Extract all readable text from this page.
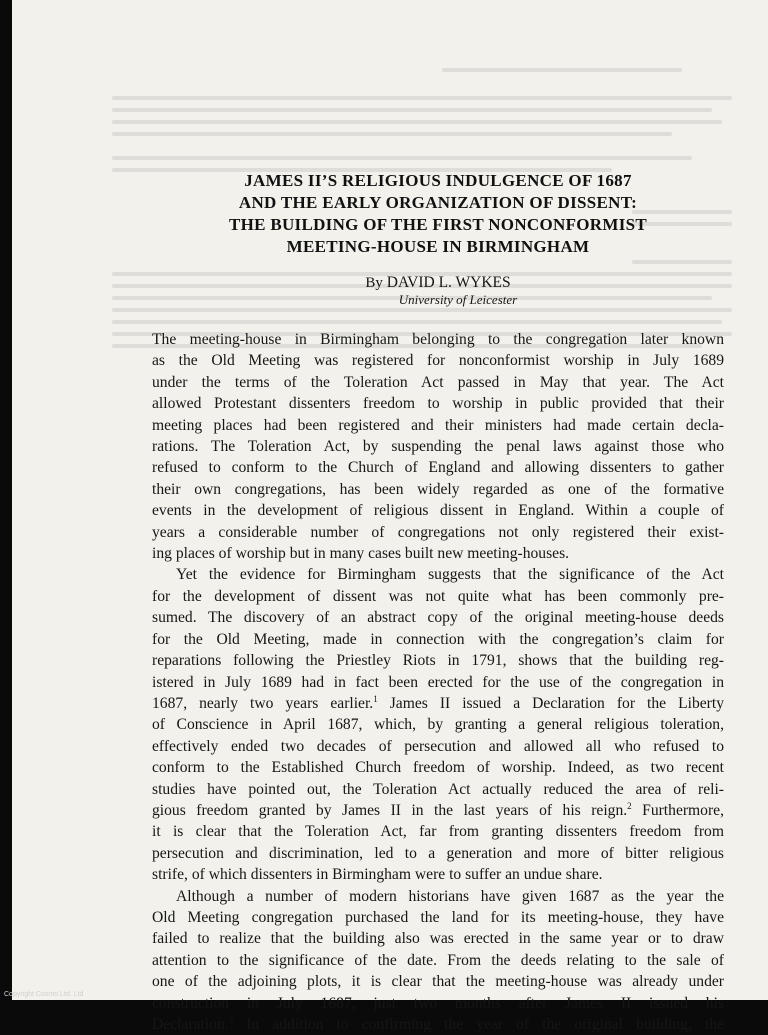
JAMES II’S RELIGIOUS INDULGENCE OF 1687
AND THE EARLY ORGANIZATION OF DISSENT:
THE BUILDING OF THE FIRST NONCONFORMIST
MEETING-HOUSE IN BIRMINGHAM
By DAVID L. WYKES
University of Leicester
The meeting-house in Birmingham belonging to the congregation later known
as the Old Meeting was registered for nonconformist worship in July 1689
under the terms of the Toleration Act passed in May that year. The Act
allowed Protestant dissenters freedom to worship in public provided that their
meeting places had been registered and their ministers had made certain decla-
rations. The Toleration Act, by suspending the penal laws against those who
refused to conform to the Church of England and allowing dissenters to gather
their own congregations, has been widely regarded as one of the formative
events in the development of religious dissent in England. Within a couple of
years a considerable number of congregations not only registered their exist-
ing places of worship but in many cases built new meeting-houses.
Yet the evidence for Birmingham suggests that the significance of the Act
for the development of dissent was not quite what has been commonly pre-
sumed. The discovery of an abstract copy of the original meeting-house deeds
for the Old Meeting, made in connection with the congregation’s claim for
reparations following the Priestley Riots in 1791, shows that the building reg-
istered in July 1689 had in fact been erected for the use of the congregation in
1687, nearly two years earlier.$^1$ James II issued a Declaration for the Liberty
of Conscience in April 1687, which, by granting a general religious toleration,
effectively ended two decades of persecution and allowed all who refused to
conform to the Established Church freedom of worship. Indeed, as two recent
studies have pointed out, the Toleration Act actually reduced the area of reli-
gious freedom granted by James II in the last years of his reign.$^2$ Furthermore,
it is clear that the Toleration Act, far from granting dissenters freedom from
persecution and discrimination, led to a generation and more of bitter religious
strife, of which dissenters in Birmingham were to suffer an undue share.
Although a number of modern historians have given 1687 as the year the
Old Meeting congregation purchased the land for its meeting-house, they have
failed to realize that the building also was erected in the same year or to draw
attention to the significance of the date. From the deeds relating to the sale of
one of the adjoining plots, it is clear that the meeting-house was already under
construction in July 1687, just two months after James II issued his
Declaration.$^3$ In addition to confirming the year of the original building, the
Copyright Cosmo Ltd. Ltd
